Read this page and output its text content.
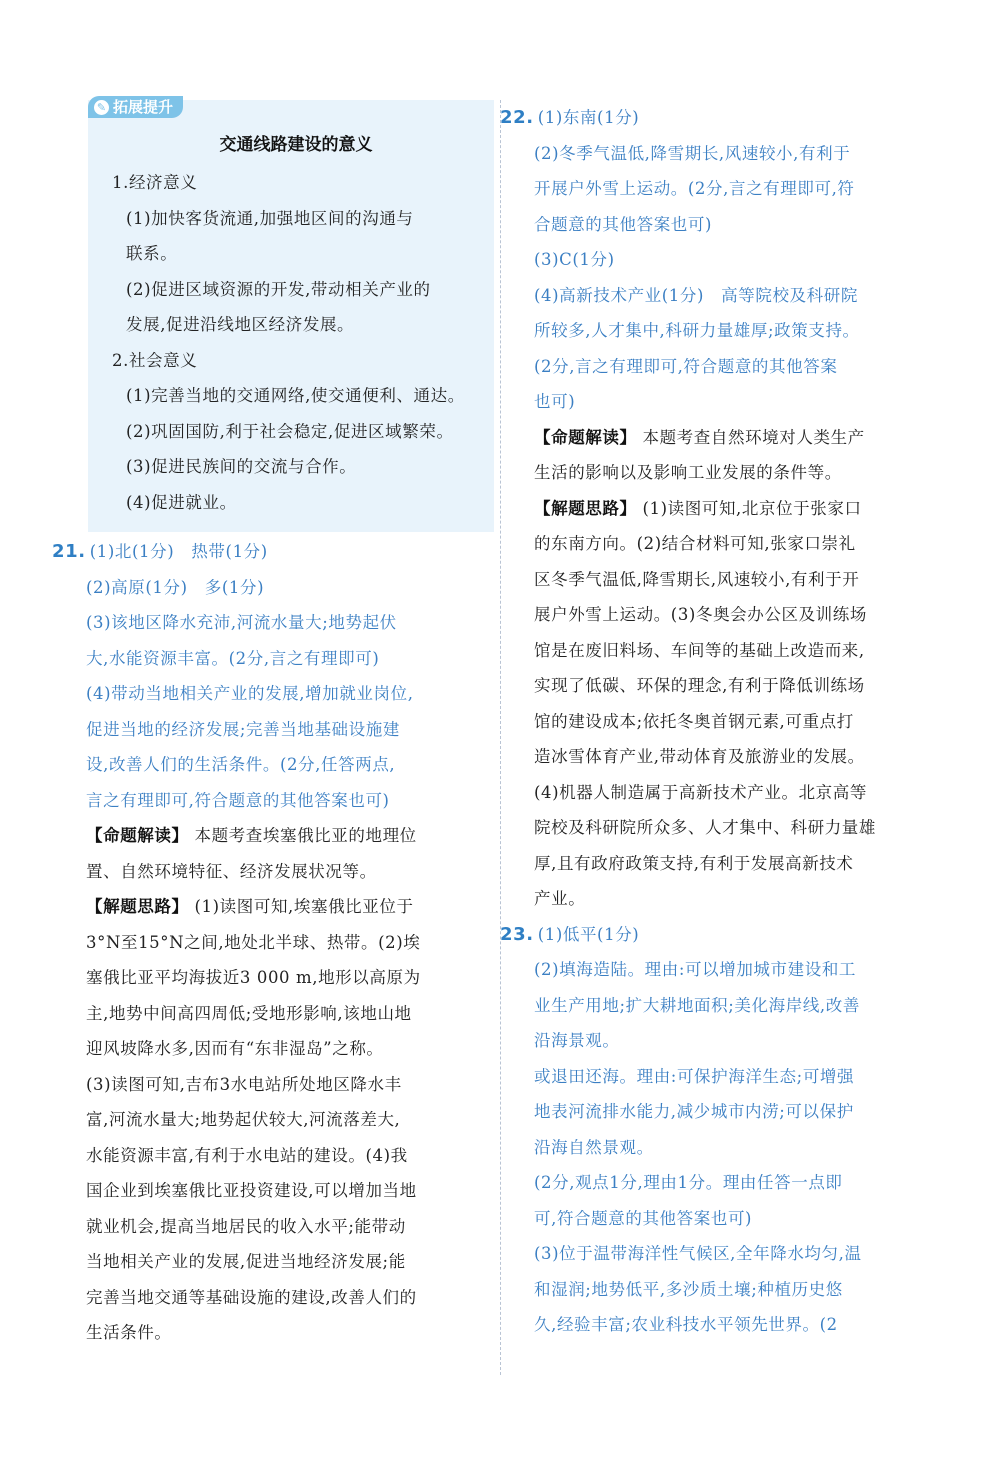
✎ 拓展提升
交通线路建设的意义

1.经济意义

(1)加快客货流通,加强地区间的沟通与

联系。

(2)促进区域资源的开发,带动相关产业的

发展,促进沿线地区经济发展。

2.社会意义

(1)完善当地的交通网络,使交通便利、通达。

(2)巩固国防,利于社会稳定,促进区域繁荣。

(3)促进民族间的交流与合作。

(4)促进就业。

21. (1)北(1分)　热带(1分)

(2)高原(1分)　多(1分)

(3)该地区降水充沛,河流水量大;地势起伏

大,水能资源丰富。(2分,言之有理即可)

(4)带动当地相关产业的发展,增加就业岗位,

促进当地的经济发展;完善当地基础设施建

设,改善人们的生活条件。(2分,任答两点,

言之有理即可,符合题意的其他答案也可)

【命题解读】 本题考查埃塞俄比亚的地理位

置、自然环境特征、经济发展状况等。

【解题思路】 (1)读图可知,埃塞俄比亚位于

3°N至15°N之间,地处北半球、热带。(2)埃

塞俄比亚平均海拔近3 000 m,地形以高原为

主,地势中间高四周低;受地形影响,该地山地

迎风坡降水多,因而有“东非湿岛”之称。

(3)读图可知,吉布3水电站所处地区降水丰

富,河流水量大;地势起伏较大,河流落差大,

水能资源丰富,有利于水电站的建设。(4)我

国企业到埃塞俄比亚投资建设,可以增加当地

就业机会,提高当地居民的收入水平;能带动

当地相关产业的发展,促进当地经济发展;能

完善当地交通等基础设施的建设,改善人们的

生活条件。

22. (1)东南(1分)

(2)冬季气温低,降雪期长,风速较小,有利于

开展户外雪上运动。(2分,言之有理即可,符

合题意的其他答案也可)

(3)C(1分)

(4)高新技术产业(1分)　高等院校及科研院

所较多,人才集中,科研力量雄厚;政策支持。

(2分,言之有理即可,符合题意的其他答案

也可)

【命题解读】 本题考查自然环境对人类生产

生活的影响以及影响工业发展的条件等。

【解题思路】 (1)读图可知,北京位于张家口

的东南方向。(2)结合材料可知,张家口崇礼

区冬季气温低,降雪期长,风速较小,有利于开

展户外雪上运动。(3)冬奥会办公区及训练场

馆是在废旧料场、车间等的基础上改造而来,

实现了低碳、环保的理念,有利于降低训练场

馆的建设成本;依托冬奥首钢元素,可重点打

造冰雪体育产业,带动体育及旅游业的发展。

(4)机器人制造属于高新技术产业。北京高等

院校及科研院所众多、人才集中、科研力量雄

厚,且有政府政策支持,有利于发展高新技术

产业。

23. (1)低平(1分)

(2)填海造陆。理由:可以增加城市建设和工

业生产用地;扩大耕地面积;美化海岸线,改善

沿海景观。

或退田还海。理由:可保护海洋生态;可增强

地表河流排水能力,减少城市内涝;可以保护

沿海自然景观。

(2分,观点1分,理由1分。理由任答一点即

可,符合题意的其他答案也可)

(3)位于温带海洋性气候区,全年降水均匀,温

和湿润;地势低平,多沙质土壤;种植历史悠

久,经验丰富;农业科技水平领先世界。(2
